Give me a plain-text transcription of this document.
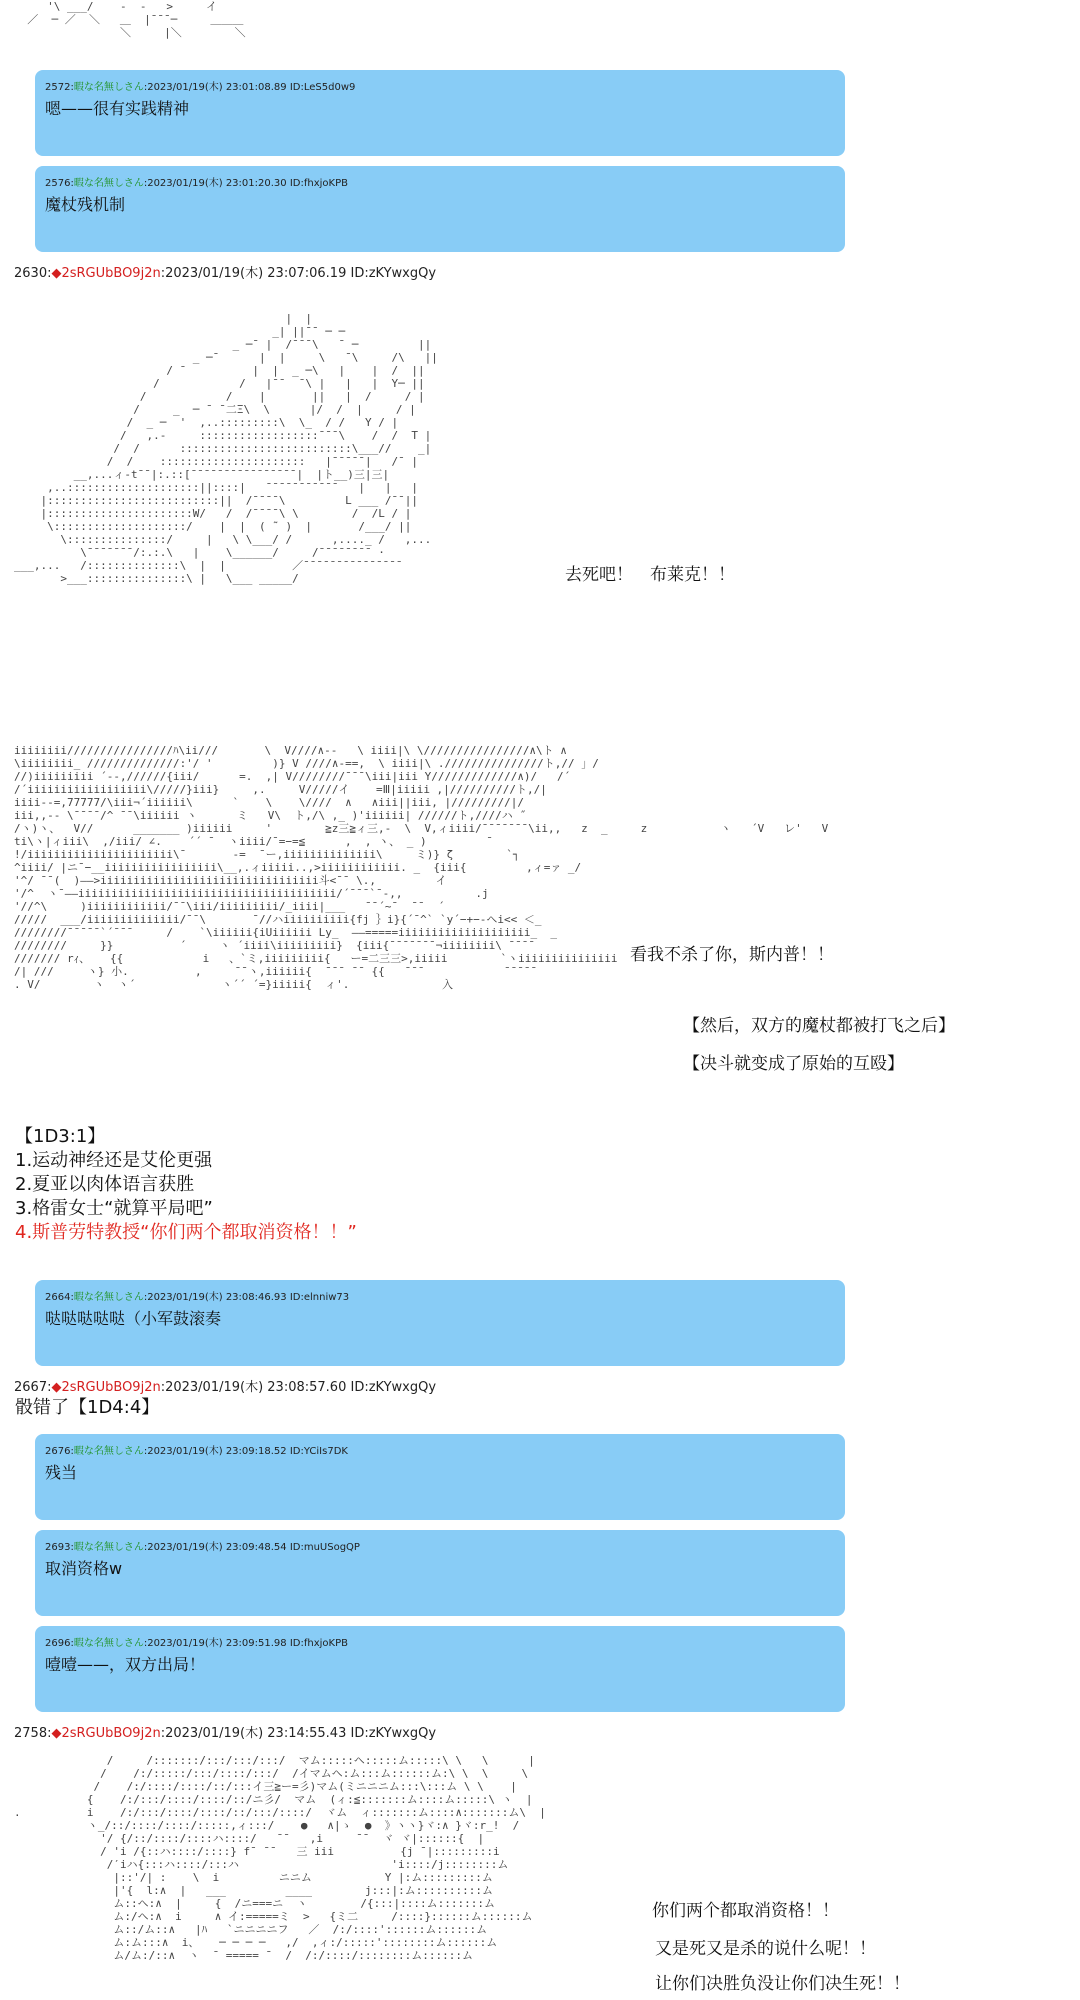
'\ ___/    -  -   >     イ
／  ─ ／  ＼   ＿  |¯¯¯─     ＿＿＿
＼     |＼        ＼
2572:暇な名無しさん:2023/01/19(木) 23:01:08.89 ID:LeS5d0w9
嗯——很有实践精神
2576:暇な名無しさん:2023/01/19(木) 23:01:20.30 ID:fhxjoKPB
魔杖残机制
2630:◆2sRGUbBO9j2n:2023/01/19(木) 23:07:06.19 ID:zKYwxgQy
|  |
_| ||¯¯ ─ ─
_ ─¯ |  /¯¯¯\   ¯ ─         ||
_ ─¯      |  |     \   ¯\     /\   ||
/ ¯          |  |  _ ─\   |    |  /  ||
/            /   |¯¯  ¯\ |   |   |  Y─ ||
/            /    |       ||   |  /     / |
/     _  ─ ¯ ¯二Ξ\  \      |/  /  |     / |
/  _ ─  '  ,..:::::::::\  \_  / /   Y / |
/   ,.-     ::::::::::::::::::¯¯¯\    /  /  T |
/  /      ::::::::::::::::::::::::::\___//    _|
/  /    ::::::::::::::::::::::   |¯¯¯¯¯|   /¯ |
__,...ィ-t¯¯|:.::[¯¯¯¯¯¯¯¯¯¯¯¯¯¯¯¯|  |ト__)三|三|
,..::::::::::::::::::::||::::|   ¯¯¯¯¯¯¯¯¯¯¯   |   |   |
|::::::::::::::::::::::::::||  /¯¯¯¯\         L ___ /¯¯||
|::::::::::::::::::::::W/   /  /¯¯¯¯\ \        /  /L / |
\::::::::::::::::::::/    |  |  ( ˜ )  |       /___/ ||
\:::::::::::::::/     |   \ \___/ /      ,...._ /   ,...
\¯¯¯¯¯¯¯/:.:.\   |    \______/     /¯¯¯¯¯¯¯¯ ·
___,...   /::::::::::::::\  |  |          ／¯¯¯¯¯¯¯¯¯¯¯¯¯¯¯
>___:::::::::::::::\ |   \___ _____/	去死吧！　布莱克！！
iiiiiiii////////////////ﾊ\ii///       \  V////∧--   \ iiii|\ \////////////////∧\ト ∧
\iiiiiiii_ //////////////:'/ '         )} V ////∧-==,  \ iiii|\ .///////////////ト,// 」/
//)iiiiiiiii ´--,//////{iii/      =.  ,| V////////¯¯¯\iii|iii Y/////////////∧)/   /´
/´iiiiiiiiiiiiiiiiii\/////}iii}     ,.     V/////イ    =Ⅲ|iiiii ,|//////////ト,/|
iiii--=,77777/\iii¬´iiiiii\      `    \    \////  ∧   ∧iii||iii, |/////////|/
iii,,-- \¯¯¯¯/^ ¯¯\iiiiii ヽ      ミ   V\  ト,/\ ,_ )'iiiiii| //////ト,////ハ ˝
/ヽ)ヽ、  V//      _______ )iiiiii     '        ≧z三≧ィ三,-  \  V,ィiiii/¯¯¯¯¯¯¯\ii,,   z  _     z           ヽ   ´V   レ'   V
ti\ヽ|ィiii\  ,/iii/ ∠.    ´´ ¯  ヽiiii/¯=−=≦      ,  , ヽ、 _ )         ¯
!/iiiiiiiiiiiiiiiiiiiiii\¯       -=  ¯ー,iiiiiiiiiiiiii\     ミ)} ζ        `┐
^iiii/ |ニ¯−__iiiiiiiiiiiiiiiii\__,.ィiiiii..,>iiiiiiiiiiii. _  {iii{         ,ィ=ァ _/
'^/ ¯¯(  )——>iiiiiiiiiiiiiiiiiiiiiiiiiiiiiiiii斗<¯¯ \.,         イ
'/^  ヽ¯——iiiiiiiiiiiiiiiiiiiiiiiiiiiiiiiiiiiiiii/´¯¯¯`¯-,,           .j
'//^\     )iiiiiiiiiiii/¯¯\iii/iiiiiiiii/_iiii|___   ¯¯´~¯  ¯¯  ´
/////  ___/iiiiiiiiiiiiii/¯¯\       ¯//ハiiiiiiiiii{fj ｝i}{´¯^` `y´−+−-ヘi<< ＜_
////////¯¯¯¯¯`´¯¯¯     /    `\iiiiii{iUiiiiii Ly_  ——=====iiiiiiiiiiiiiiiiiiii_  _
////////     }}          ´     ヽ ´iiii\iiiiiiiii}  {iii{¯¯¯¯¯¯¯¬iiiiiiii\ ¯¯¯¯
/////// rｨ、   {{            i   、`ミ,iiiiiiiii{   ー=二三三>,iiiii        `ヽiiiiiiiiiiiiiii
/| ///     ヽ} 小.          ,     ¯¯ヽ,iiiiii{  ¯¯¯ ¯¯ {{   ¯¯¯            ¯¯¯¯¯
. V/        ヽ  ヽ´             ヽ´´ ´=}iiiii{  ィ'.              入
看我不杀了你，斯内普！！
【然后，双方的魔杖都被打飞之后】
【决斗就变成了原始的互殴】
【1D3:1】
1.运动神经还是艾伦更强
2.夏亚以肉体语言获胜
3.格雷女士“就算平局吧”
4.斯普劳特教授“你们两个都取消资格！！”
2664:暇な名無しさん:2023/01/19(木) 23:08:46.93 ID:elnniw73
哒哒哒哒哒（小军鼓滚奏
2667:◆2sRGUbBO9j2n:2023/01/19(木) 23:08:57.60 ID:zKYwxgQy
骰错了【1D4:4】
2676:暇な名無しさん:2023/01/19(木) 23:09:18.52 ID:YCiIs7DK
残当
2693:暇な名無しさん:2023/01/19(木) 23:09:48.54 ID:muUSogQP
取消资格w
2696:暇な名無しさん:2023/01/19(木) 23:09:51.98 ID:fhxjoKPB
噎噎——，双方出局！
2758:◆2sRGUbBO9j2n:2023/01/19(木) 23:14:55.43 ID:zKYwxgQy
/     /:::::::/:::/:::/:::/  マム:::::ヘ:::::ム:::::\ \   \      |
/    /:/:::::/:::/::::/:::/  /イマムヘ:ム:::ム::::::ム:\ \  \     \
/    /:/::::/::::/::/:::イ三≧ー=彡)マム(ミニニニム:::\:::ム \ \    |
{    /:/:::/::::/::::/::/ニ彡/  マム  (ィ:≦:::::::ム::::ム:::::\ ヽ  |
.          i    /:/:::/::::/::::/::/:::/::::/  ヾム  ィ:::::::ム::::∧:::::::ム\  |
ヽ_/::/::::/::::/:::::,ィ:::/    ●   ∧|ゝ  ●  》ヽヽ}ヾ:∧ }ヾ:r_!  /
'/ {/::/::::/::::ハ::::/   ¯¯   ,i     ¯¯  ヾ ヾ|::::::{  |
/ 'i /{::ハ::::/::::} f¯ ¯¯   三 iii          {j ¯|:::::::::i
/′iハ{:::ハ::::/:::ハ                       'i::::/j::::::::ム
|::'/| :    \  i         ニニム           Y |:ム:::::::::ム
|'{  l:∧  |   ___         ____        j:::|:ム::::::::::ム
ム::ヘ:∧  |     {  /ニ===ニ  ヽ        /{:::|::::ム:::::::ム
ム:/ヘ:∧  i     ∧ イ:=====ミ  >   {ミ二     /::::}::::::ム::::::ム
ム::/ム::∧   |ﾊ   `ニニニニフ   ／  /:/::::'::::::ム::::::ム
ム:ム:::∧  i、   ─ ─ ─ ─   ,/  ,ィ:/:::::'::::::::ム::::::ム
ム/ム:/::∧  ヽ  ¯ ===== ¯  /  /:/::::/::::::::ム::::::ム
你们两个都取消资格！！
又是死又是杀的说什么呢！！
让你们决胜负没让你们决生死！！
